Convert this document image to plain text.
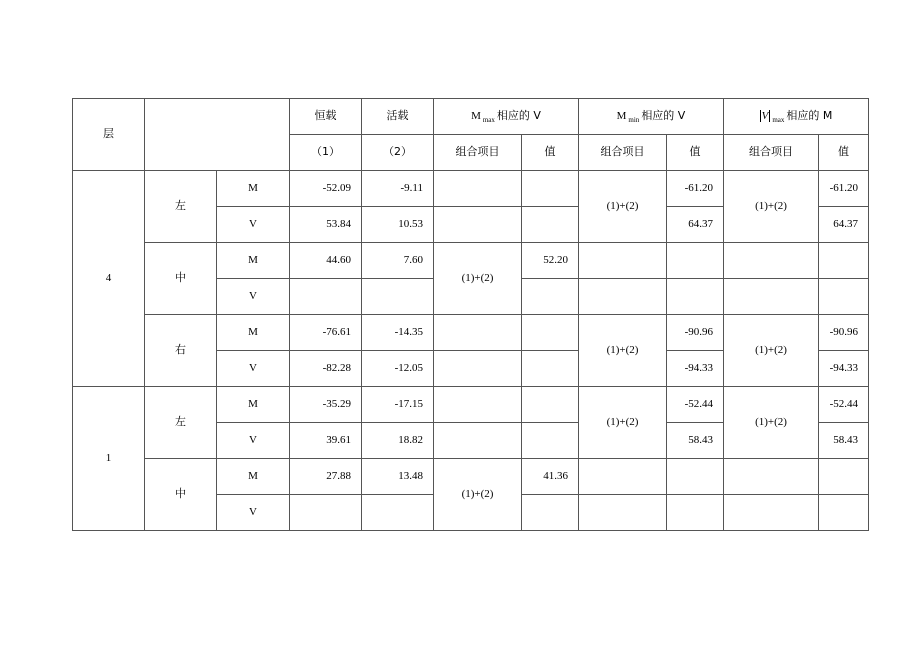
层			恒载	活载	M $_{max}$ 相应的 V		M $_{min}$ 相应的 V		V $_{max}$ 相应的 M	
			（1）	（2）	组合项目	值	组合项目	值	组合项目	值
4	左	M	-52.09	-9.11			(1)+(2)	-61.20	(1)+(2)	-61.20
		V	53.84	10.53				64.37		64.37
	中	M	44.60	7.60	(1)+(2)	52.20				
		V								
	右	M	-76.61	-14.35			(1)+(2)	-90.96	(1)+(2)	-90.96
		V	-82.28	-12.05				-94.33		-94.33
1	左	M	-35.29	-17.15			(1)+(2)	-52.44	(1)+(2)	-52.44
		V	39.61	18.82				58.43		58.43
	中	M	27.88	13.48	(1)+(2)	41.36				
		V								
